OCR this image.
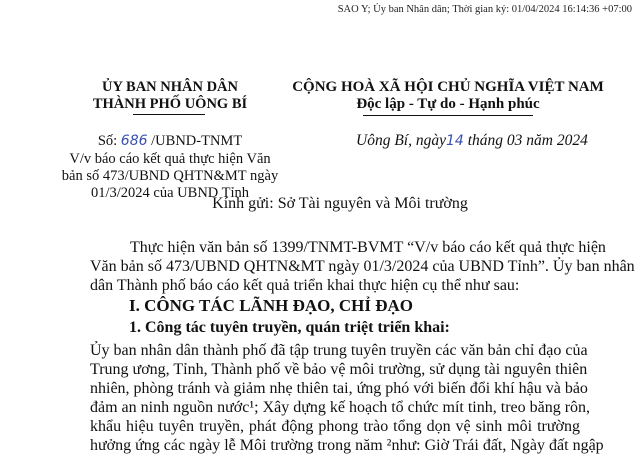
SAO Y; Ủy ban Nhân dân; Thời gian ký: 01/04/2024 16:14:36 +07:00
ỦY BAN NHÂN DÂN
THÀNH PHỐ UÔNG BÍ
CỘNG HOÀ XÃ HỘI CHỦ NGHĨA VIỆT NAM
Độc lập - Tự do - Hạnh phúc
Số: 686 /UBND-TNMT
V/v báo cáo kết quả thực hiện Văn
bản số 473/UBND QHTN&MT ngày
01/3/2024 của UBND Tỉnh
Uông Bí, ngày14 tháng 03 năm 2024
Kính gửi: Sở Tài nguyên và Môi trường
Thực hiện văn bản số 1399/TNMT-BVMT “V/v báo cáo kết quả thực hiện
Văn bản số 473/UBND QHTN&MT ngày 01/3/2024 của UBND Tỉnh”. Ủy ban nhân
dân Thành phố báo cáo kết quả triển khai thực hiện cụ thể như sau:
I. CÔNG TÁC LÃNH ĐẠO, CHỈ ĐẠO
1. Công tác tuyên truyền, quán triệt triển khai:
Ủy ban nhân dân thành phố đã tập trung tuyên truyền các văn bản chỉ đạo của
Trung ương, Tỉnh, Thành phố về bảo vệ môi trường, sử dụng tài nguyên thiên
nhiên, phòng tránh và giảm nhẹ thiên tai, ứng phó với biến đổi khí hậu và bảo
đảm an ninh nguồn nước¹; Xây dựng kế hoạch tổ chức mít tinh, treo băng rôn,
khẩu hiệu tuyên truyền, phát động phong trào tổng dọn vệ sinh môi trường
hưởng ứng các ngày lễ Môi trường trong năm ²như: Giờ Trái đất, Ngày đất ngập
